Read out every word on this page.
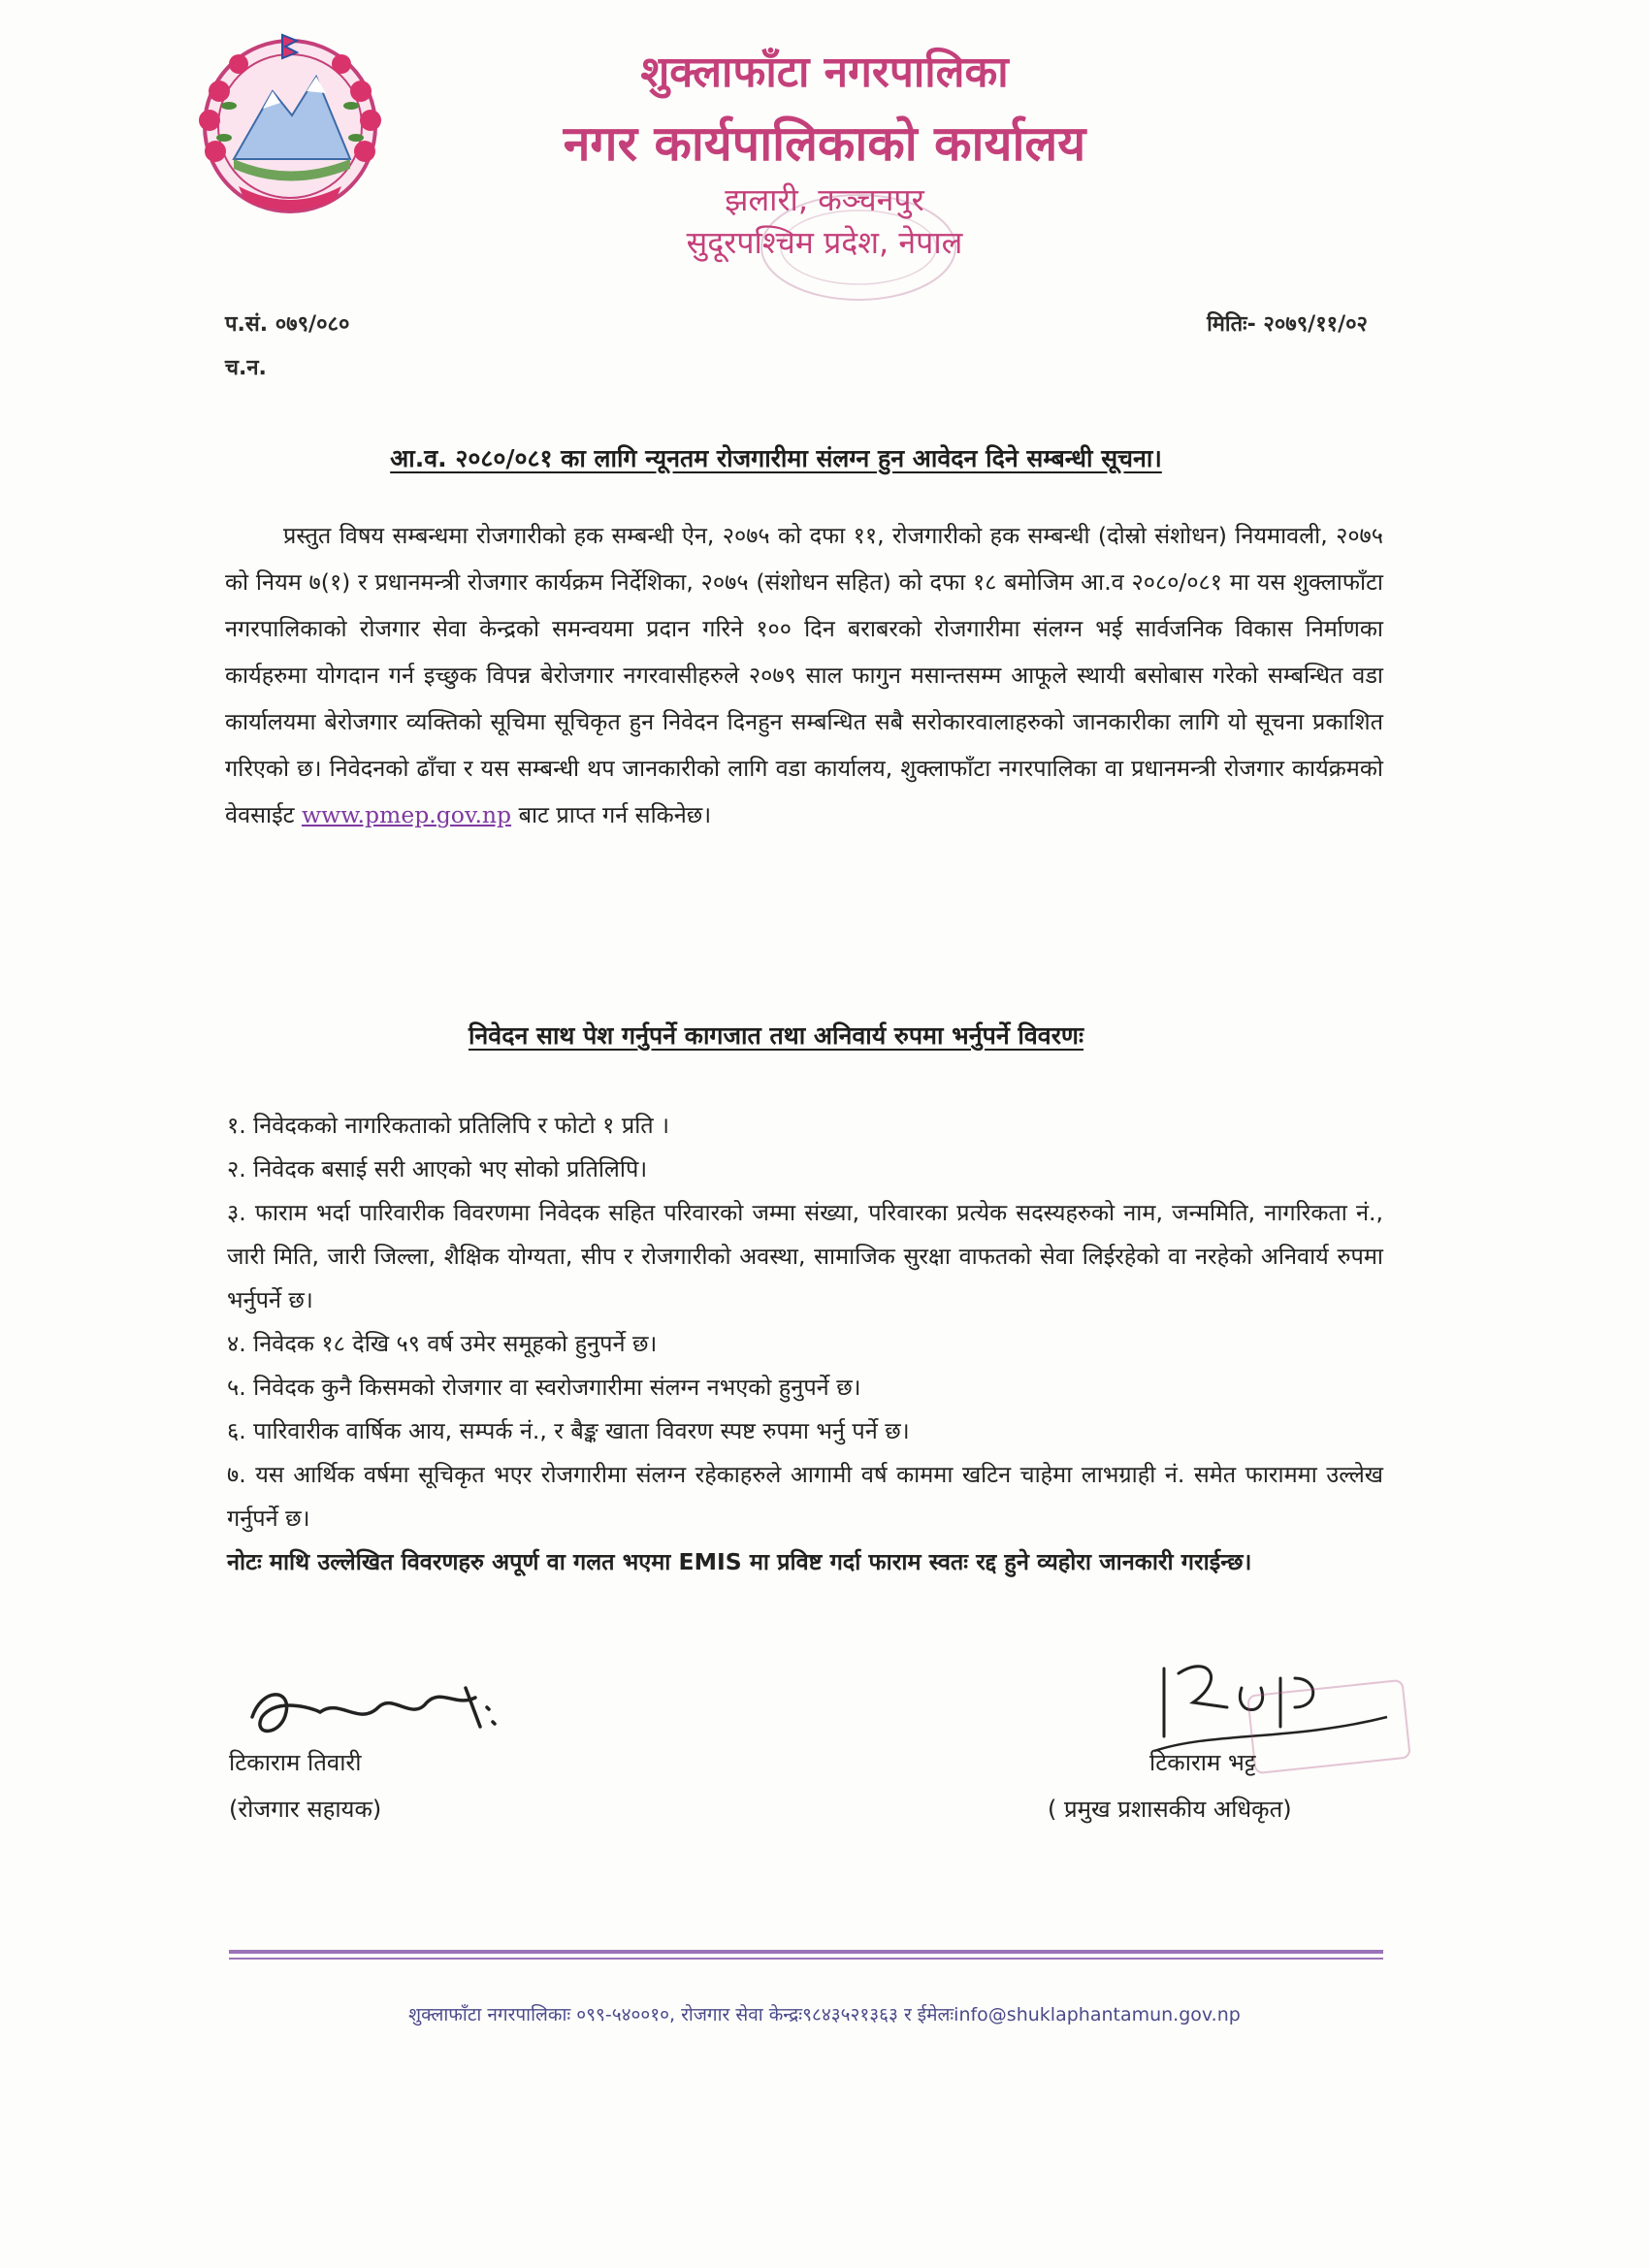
शुक्लाफाँटा नगरपालिका
नगर कार्यपालिकाको कार्यालय
झलारी, कञ्चनपुर
सुदूरपश्चिम प्रदेश, नेपाल
प.सं. ०७९/०८०
च.न.
मितिः- २०७९/११/०२
आ.व. २०८०/०८१ का लागि न्यूनतम रोजगारीमा संलग्न हुन आवेदन दिने सम्बन्धी सूचना।
प्रस्तुत विषय सम्बन्धमा रोजगारीको हक सम्बन्धी ऐन, २०७५ को दफा ११, रोजगारीको हक सम्बन्धी (दोस्रो संशोधन) नियमावली, २०७५ को नियम ७(१) र प्रधानमन्त्री रोजगार कार्यक्रम निर्देशिका, २०७५ (संशोधन सहित) को दफा १८ बमोजिम आ.व २०८०/०८१ मा यस शुक्लाफाँटा नगरपालिकाको रोजगार सेवा केन्द्रको समन्वयमा प्रदान गरिने १०० दिन बराबरको रोजगारीमा संलग्न भई सार्वजनिक विकास निर्माणका कार्यहरुमा योगदान गर्न इच्छुक विपन्न बेरोजगार नगरवासीहरुले २०७९ साल फागुन मसान्तसम्म आफूले स्थायी बसोबास गरेको सम्बन्धित वडा कार्यालयमा बेरोजगार व्यक्तिको सूचिमा सूचिकृत हुन निवेदन दिनहुन सम्बन्धित सबै सरोकारवालाहरुको जानकारीका लागि यो सूचना प्रकाशित गरिएको छ। निवेदनको ढाँचा र यस सम्बन्धी थप जानकारीको लागि वडा कार्यालय, शुक्लाफाँटा नगरपालिका वा प्रधानमन्त्री रोजगार कार्यक्रमको वेवसाईट www.pmep.gov.np बाट प्राप्त गर्न सकिनेछ।
निवेदन साथ पेश गर्नुपर्ने कागजात तथा अनिवार्य रुपमा भर्नुपर्ने विवरणः
१. निवेदकको नागरिकताको प्रतिलिपि र फोटो १ प्रति ।
२. निवेदक बसाई सरी आएको भए सोको प्रतिलिपि।
३. फाराम भर्दा पारिवारीक विवरणमा निवेदक सहित परिवारको जम्मा संख्या, परिवारका प्रत्येक सदस्यहरुको नाम, जन्ममिति, नागरिकता नं., जारी मिति, जारी जिल्ला, शैक्षिक योग्यता, सीप र रोजगारीको अवस्था, सामाजिक सुरक्षा वाफतको सेवा लिईरहेको वा नरहेको अनिवार्य रुपमा भर्नुपर्ने छ।
४. निवेदक १८ देखि ५९ वर्ष उमेर समूहको हुनुपर्ने छ।
५. निवेदक कुनै किसमको रोजगार वा स्वरोजगारीमा संलग्न नभएको हुनुपर्ने छ।
६. पारिवारीक वार्षिक आय, सम्पर्क नं., र बैङ्क खाता विवरण स्पष्ट रुपमा भर्नु पर्ने छ।
७. यस आर्थिक वर्षमा सूचिकृत भएर रोजगारीमा संलग्न रहेकाहरुले आगामी वर्ष काममा खटिन चाहेमा लाभग्राही नं. समेत फाराममा उल्लेख गर्नुपर्ने छ।
नोटः माथि उल्लेखित विवरणहरु अपूर्ण वा गलत भएमा EMIS मा प्रविष्ट गर्दा फाराम स्वतः रद्द हुने व्यहोरा जानकारी गराईन्छ।
टिकाराम तिवारी
(रोजगार सहायक)
टिकाराम भट्ट
( प्रमुख प्रशासकीय अधिकृत)
शुक्लाफाँटा नगरपालिकाः ०९९-५४००१०, रोजगार सेवा केन्द्रः९८४३५२१३६३ र ईमेलःinfo@shuklaphantamun.gov.np
